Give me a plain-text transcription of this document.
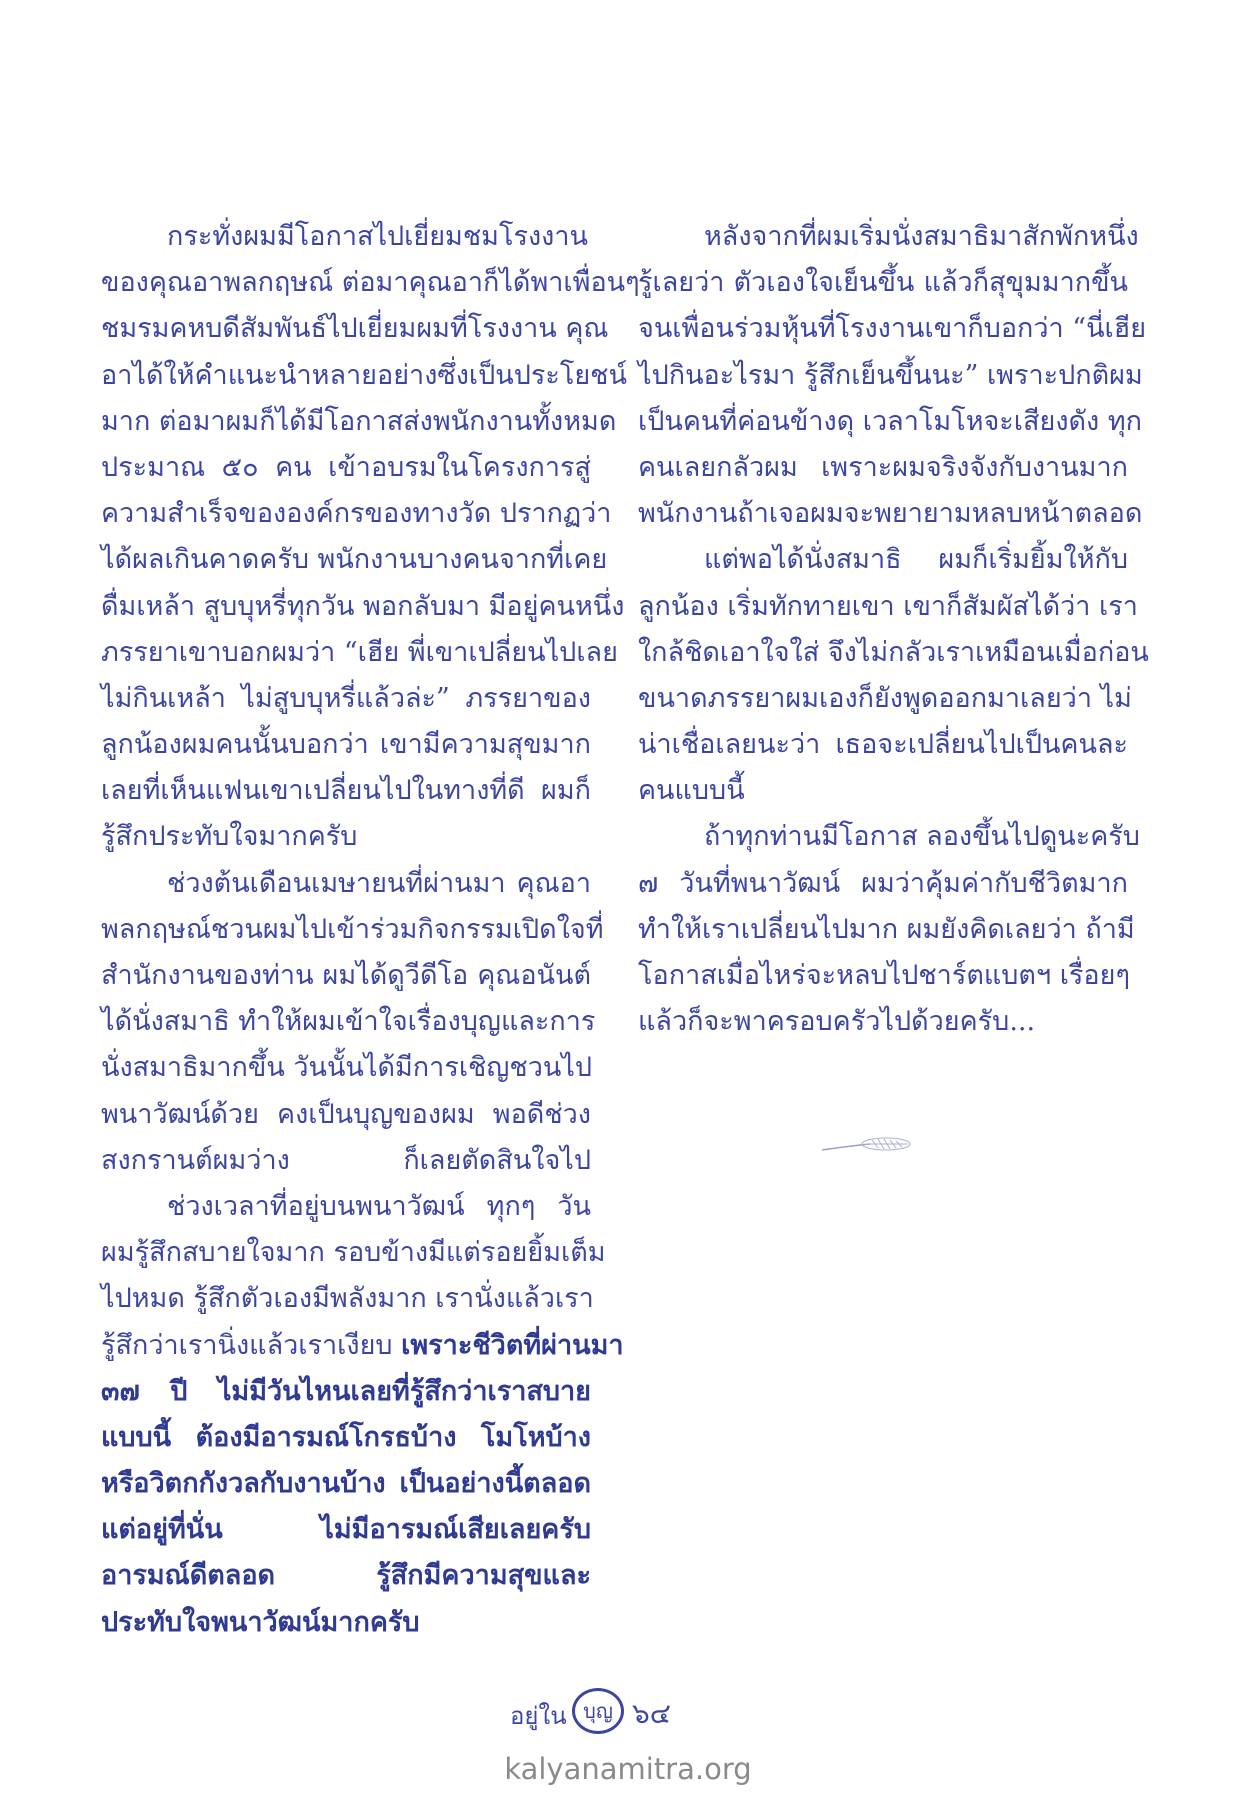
กระทั่งผมมีโอกาสไปเยี่ยมชมโรงงาน
ของคุณอาพลกฤษณ์ ต่อมาคุณอาก็ได้พาเพื่อนๆ
ชมรมคหบดีสัมพันธ์ไปเยี่ยมผมที่โรงงาน คุณ
อาได้ให้คำแนะนำหลายอย่างซึ่งเป็นประโยชน์
มาก ต่อมาผมก็ได้มีโอกาสส่งพนักงานทั้งหมด
ประมาณ ๕๐ คน เข้าอบรมในโครงการสู่
ความสำเร็จขององค์กรของทางวัด ปรากฏว่า
ได้ผลเกินคาดครับ พนักงานบางคนจากที่เคย
ดื่มเหล้า สูบบุหรี่ทุกวัน พอกลับมา มีอยู่คนหนึ่ง
ภรรยาเขาบอกผมว่า “เฮีย พี่เขาเปลี่ยนไปเลย
ไม่กินเหล้า ไม่สูบบุหรี่แล้วล่ะ” ภรรยาของ
ลูกน้องผมคนนั้นบอกว่า เขามีความสุขมาก
เลยที่เห็นแฟนเขาเปลี่ยนไปในทางที่ดี ผมก็
รู้สึกประทับใจมากครับ
ช่วงต้นเดือนเมษายนที่ผ่านมา คุณอา
พลกฤษณ์ชวนผมไปเข้าร่วมกิจกรรมเปิดใจที่
สำนักงานของท่าน ผมได้ดูวีดีโอ คุณอนันต์
ได้นั่งสมาธิ ทำให้ผมเข้าใจเรื่องบุญและการ
นั่งสมาธิมากขึ้น วันนั้นได้มีการเชิญชวนไป
พนาวัฒน์ด้วย คงเป็นบุญของผม พอดีช่วง
สงกรานต์ผมว่าง ก็เลยตัดสินใจไป
ช่วงเวลาที่อยู่บนพนาวัฒน์ ทุกๆ วัน
ผมรู้สึกสบายใจมาก รอบข้างมีแต่รอยยิ้มเต็ม
ไปหมด รู้สึกตัวเองมีพลังมาก เรานั่งแล้วเรา
รู้สึกว่าเรานิ่งแล้วเราเงียบ เพราะชีวิตที่ผ่านมา
๓๗ ปี ไม่มีวันไหนเลยที่รู้สึกว่าเราสบาย
แบบนี้ ต้องมีอารมณ์โกรธบ้าง โมโหบ้าง
หรือวิตกกังวลกับงานบ้าง เป็นอย่างนี้ตลอด
แต่อยู่ที่นั่น ไม่มีอารมณ์เสียเลยครับ
อารมณ์ดีตลอด รู้สึกมีความสุขและ
ประทับใจพนาวัฒน์มากครับ
หลังจากที่ผมเริ่มนั่งสมาธิมาสักพักหนึ่ง
รู้เลยว่า ตัวเองใจเย็นขึ้น แล้วก็สุขุมมากขึ้น
จนเพื่อนร่วมหุ้นที่โรงงานเขาก็บอกว่า “นี่เฮีย
ไปกินอะไรมา รู้สึกเย็นขึ้นนะ” เพราะปกติผม
เป็นคนที่ค่อนข้างดุ เวลาโมโหจะเสียงดัง ทุก
คนเลยกลัวผม เพราะผมจริงจังกับงานมาก
พนักงานถ้าเจอผมจะพยายามหลบหน้าตลอด
แต่พอได้นั่งสมาธิ ผมก็เริ่มยิ้มให้กับ
ลูกน้อง เริ่มทักทายเขา เขาก็สัมผัสได้ว่า เรา
ใกล้ชิดเอาใจใส่ จึงไม่กลัวเราเหมือนเมื่อก่อน
ขนาดภรรยาผมเองก็ยังพูดออกมาเลยว่า ไม่
น่าเชื่อเลยนะว่า เธอจะเปลี่ยนไปเป็นคนละ
คนแบบนี้
ถ้าทุกท่านมีโอกาส ลองขึ้นไปดูนะครับ
๗ วันที่พนาวัฒน์ ผมว่าคุ้มค่ากับชีวิตมาก
ทำให้เราเปลี่ยนไปมาก ผมยังคิดเลยว่า ถ้ามี
โอกาสเมื่อไหร่จะหลบไปชาร์ตแบตฯ เรื่อยๆ
แล้วก็จะพาครอบครัวไปด้วยครับ...
อยู่ใน บุญ ๖๔
kalyanamitra.org
